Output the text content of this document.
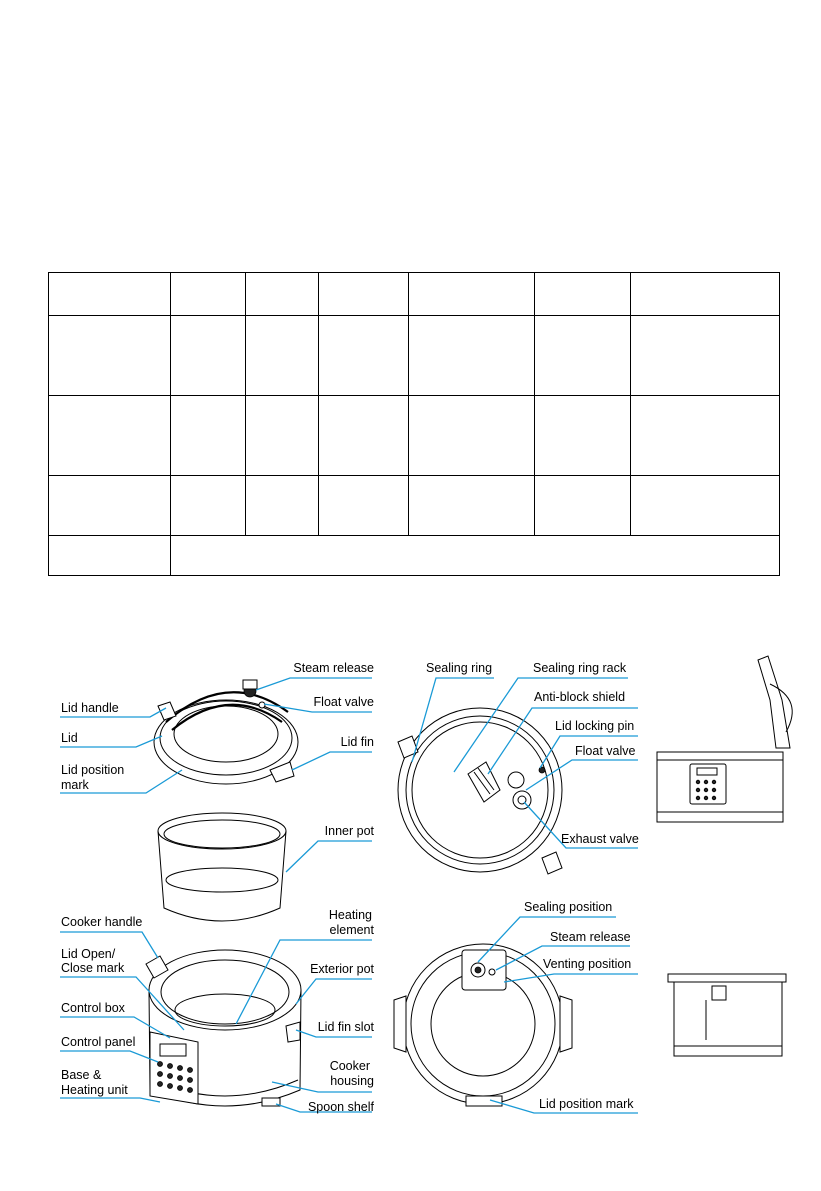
Steam release
Float valve
Lid handle
Lid	Lid fin
Lid position
mark
Inner pot
Cooker handle	Heating
element
Lid Open/
Close mark	Exterior pot
Control box
Lid fin slot
Control panel
Cooker
housing
Base &
Heating unit
Spoon shelf
Sealing ring	Sealing ring rack
Anti-block shield
Lid locking pin
Float valve
Exhaust valve
Sealing position
Steam release
Venting position
Lid position mark
